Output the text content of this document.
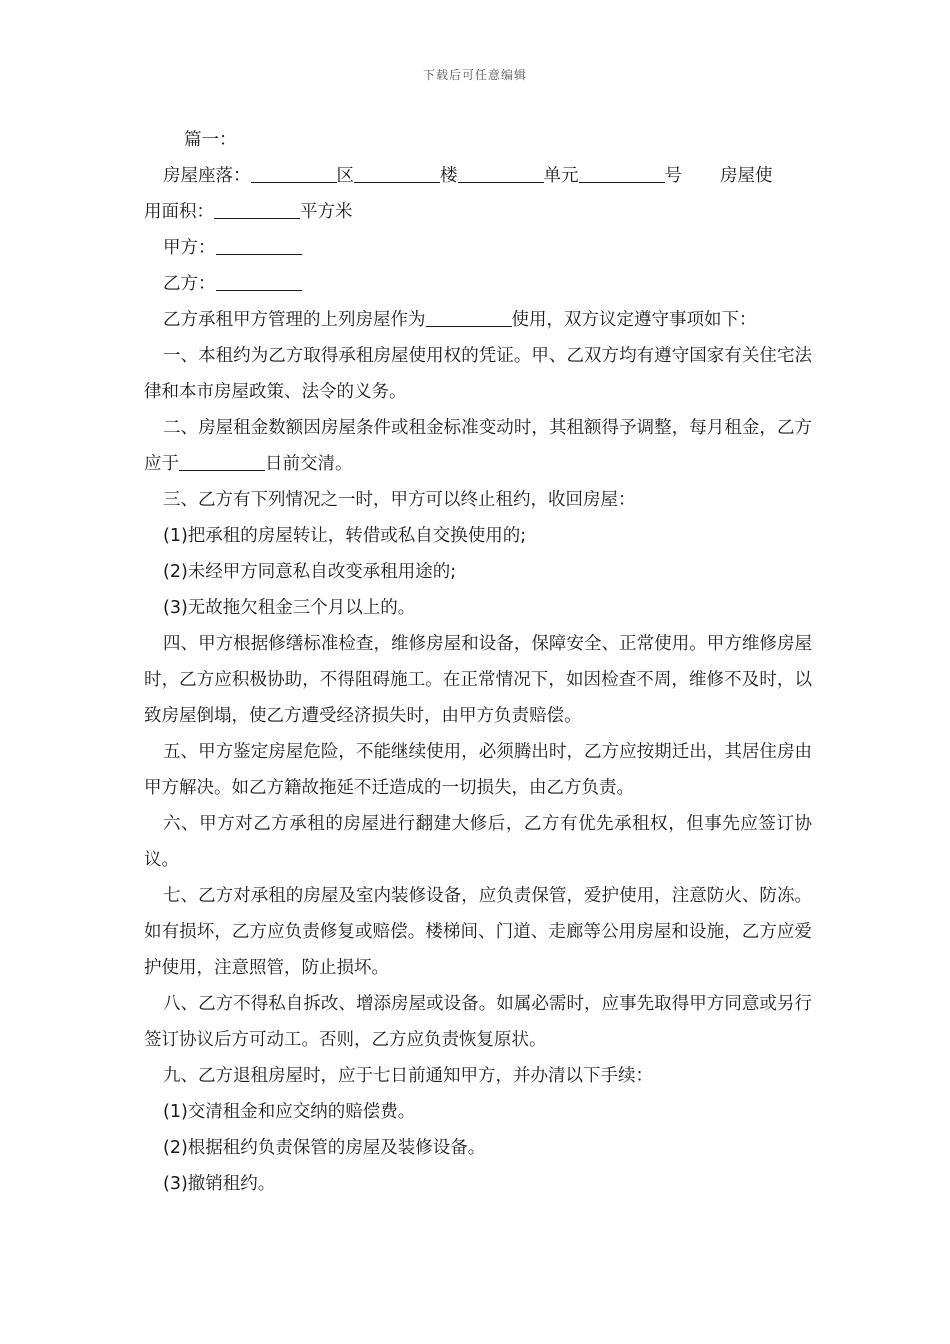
下载后可任意编辑

篇一：

房屋座落：	区	楼	单元	号 房屋使

用面积：	平方米

甲方：

乙方：

乙方承租甲方管理的上列房屋作为	使用，双方议定遵守事项如下：

一、本租约为乙方取得承租房屋使用权的凭证。甲、乙双方均有遵守国家有关住宅法律和本市房屋政策、法令的义务。

二、房屋租金数额因房屋条件或租金标准变动时，其租额得予调整，每月租金，乙方应于	日前交清。

三、乙方有下列情况之一时，甲方可以终止租约，收回房屋：

(1)把承租的房屋转让，转借或私自交换使用的;

(2)未经甲方同意私自改变承租用途的;

(3)无故拖欠租金三个月以上的。

四、甲方根据修缮标准检查，维修房屋和设备，保障安全、正常使用。甲方维修房屋时，乙方应积极协助，不得阻碍施工。在正常情况下，如因检查不周，维修不及时，以致房屋倒塌，使乙方遭受经济损失时，由甲方负责赔偿。

五、甲方鉴定房屋危险，不能继续使用，必须腾出时，乙方应按期迁出，其居住房由甲方解决。如乙方籍故拖延不迁造成的一切损失，由乙方负责。

六、甲方对乙方承租的房屋进行翻建大修后，乙方有优先承租权，但事先应签订协议。

七、乙方对承租的房屋及室内装修设备，应负责保管，爱护使用，注意防火、防冻。如有损坏，乙方应负责修复或赔偿。楼梯间、门道、走廊等公用房屋和设施，乙方应爱护使用，注意照管，防止损坏。

八、乙方不得私自拆改、增添房屋或设备。如属必需时，应事先取得甲方同意或另行签订协议后方可动工。否则，乙方应负责恢复原状。

九、乙方退租房屋时，应于七日前通知甲方，并办清以下手续：

(1)交清租金和应交纳的赔偿费。

(2)根据租约负责保管的房屋及装修设备。

(3)撤销租约。
